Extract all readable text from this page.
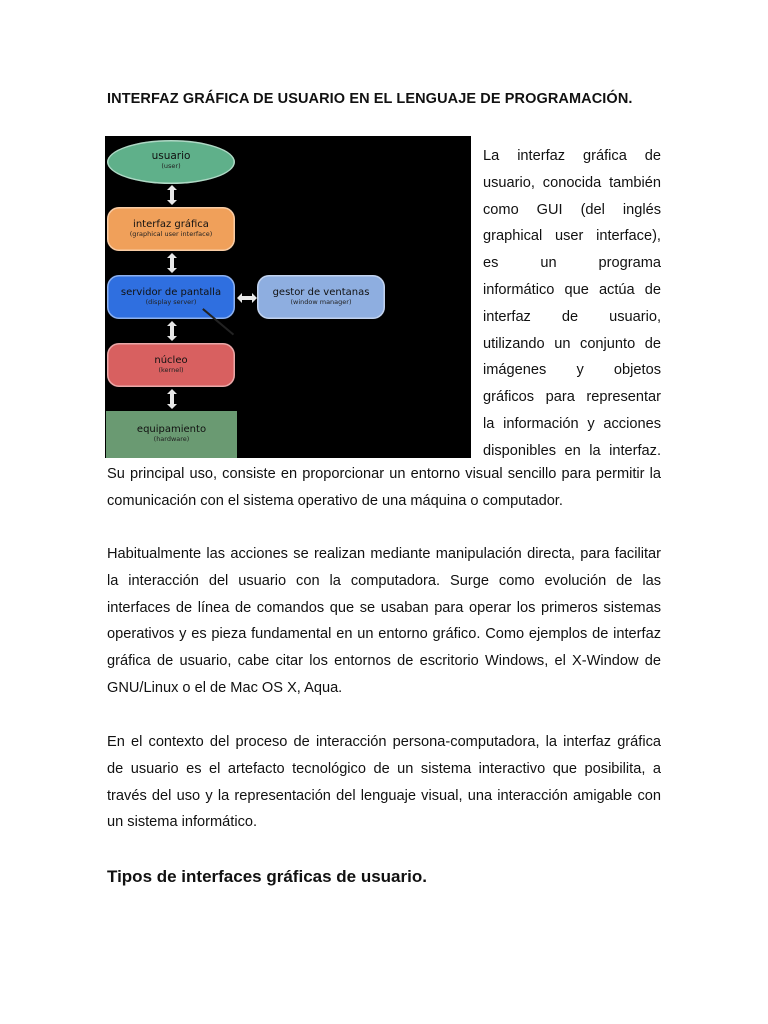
INTERFAZ GRÁFICA DE USUARIO EN EL LENGUAJE DE PROGRAMACIÓN.
usuario
(user)
interfaz gráfica
(graphical user interface)
servidor de pantalla
(display server)
gestor de ventanas
(window manager)
núcleo
(kernel)
equipamiento
(hardware)
La interfaz gráfica de
usuario, conocida también
como GUI (del inglés
graphical user interface),
es un programa
informático que actúa de
interfaz de usuario,
utilizando un conjunto de
imágenes y objetos
gráficos para representar
la información y acciones
disponibles en la interfaz.
Su principal uso, consiste en proporcionar un entorno visual sencillo para permitir la
comunicación con el sistema operativo de una máquina o computador.
Habitualmente las acciones se realizan mediante manipulación directa, para facilitar
la interacción del usuario con la computadora. Surge como evolución de las
interfaces de línea de comandos que se usaban para operar los primeros sistemas
operativos y es pieza fundamental en un entorno gráfico. Como ejemplos de interfaz
gráfica de usuario, cabe citar los entornos de escritorio Windows, el X-Window de
GNU/Linux o el de Mac OS X, Aqua.
En el contexto del proceso de interacción persona-computadora, la interfaz gráfica
de usuario es el artefacto tecnológico de un sistema interactivo que posibilita, a
través del uso y la representación del lenguaje visual, una interacción amigable con
un sistema informático.
Tipos de interfaces gráficas de usuario.
